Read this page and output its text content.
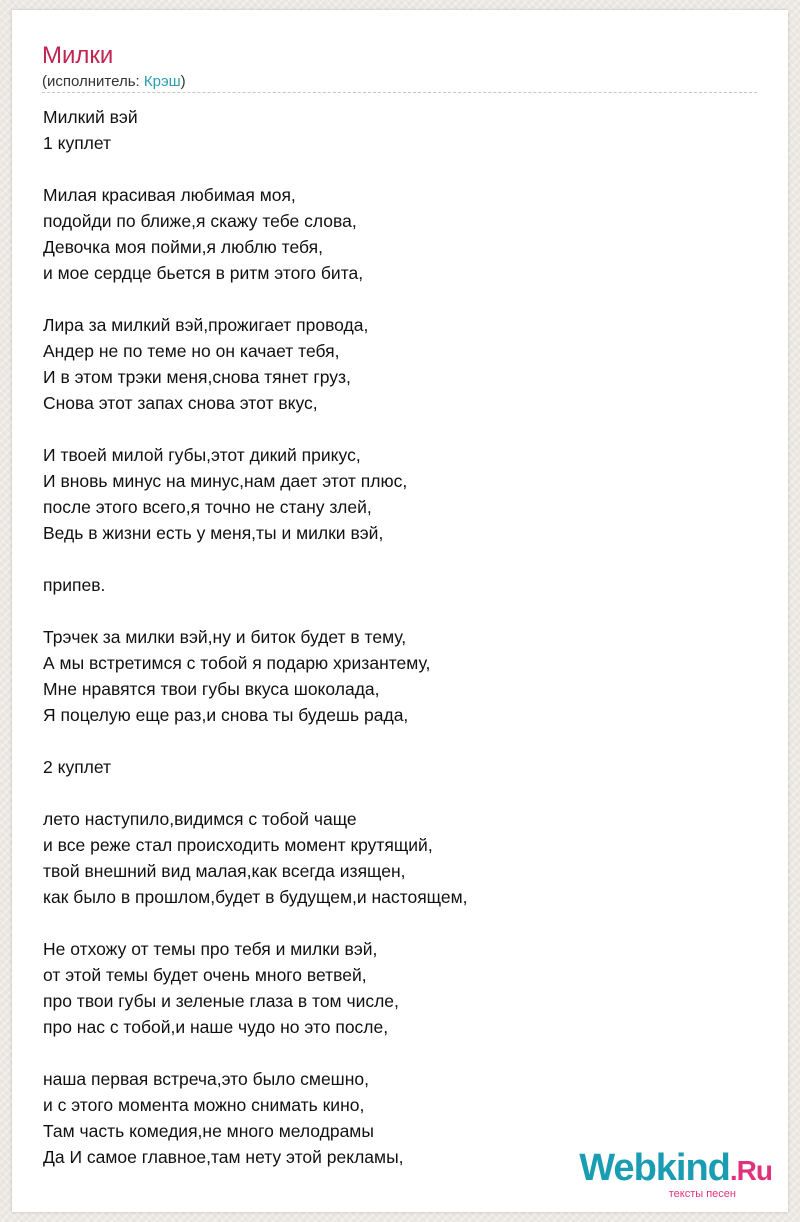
Милки
(исполнитель: Крэш)
Милкий вэй
1 куплет
Милая красивая любимая моя,
подойди по ближе,я скажу тебе слова,
Девочка моя пойми,я люблю тебя,
и мое сердце бьется в ритм этого бита,
Лира за милкий вэй,прожигает провода,
Андер не по теме но он качает тебя,
И в этом трэки меня,снова тянет груз,
Снова этот запах снова этот вкус,
И твоей милой губы,этот дикий прикус,
И вновь минус на минус,нам дает этот плюс,
после этого всего,я точно не стану злей,
Ведь в жизни есть у меня,ты и милки вэй,
припев.
Трэчек за милки вэй,ну и биток будет в тему,
А мы встретимся с тобой я подарю хризантему,
Мне нравятся твои губы вкуса шоколада,
Я поцелую еще раз,и снова ты будешь рада,
2 куплет
лето наступило,видимся с тобой чаще
и все реже стал происходить момент крутящий,
твой внешний вид малая,как всегда изящен,
как было в прошлом,будет в будущем,и настоящем,
Не отхожу от темы про тебя и милки вэй,
от этой темы будет очень много ветвей,
про твои губы и зеленые глаза в том числе,
про нас с тобой,и наше чудо но это после,
наша первая встреча,это было смешно,
и с этого момента можно снимать кино,
Там часть комедия,не много мелодрамы
Да И самое главное,там нету этой рекламы,	Webkind.Ru
тексты песен
